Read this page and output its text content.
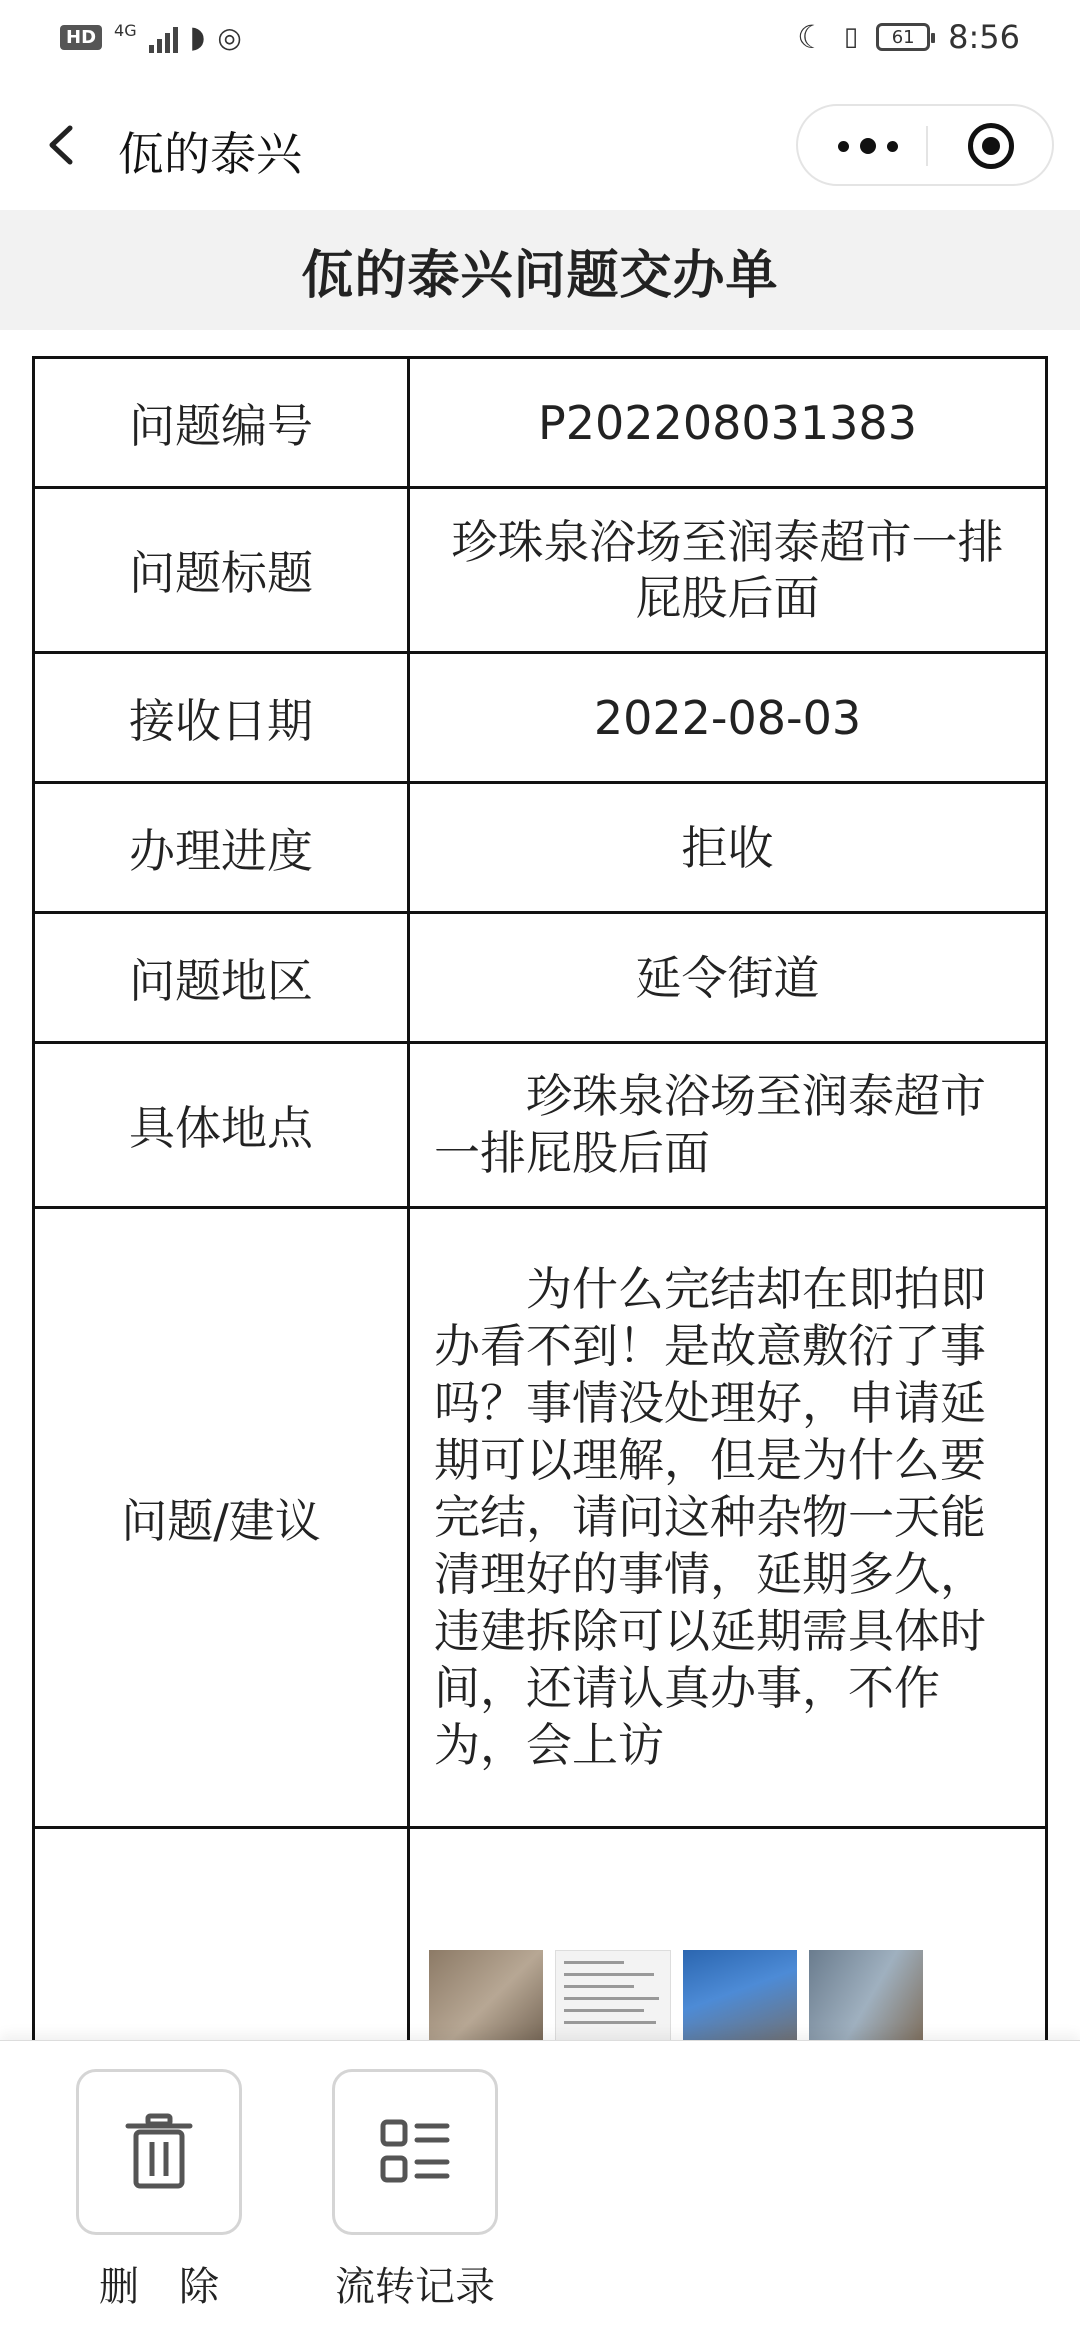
HD	4G ◗ ◎	☾ ▯ 61 8:56
佤的泰兴
佤的泰兴问题交办单
问题编号	P202208031383
问题标题	珍珠泉浴场至润泰超市一排屁股后面
接收日期	2022-08-03
办理进度	拒收
问题地区	延令街道
具体地点	珍珠泉浴场至润泰超市一排屁股后面
问题/建议	为什么完结却在即拍即办看不到！是故意敷衍了事吗？事情没处理好，申请延期可以理解，但是为什么要完结，请问这种杂物一天能清理好的事情，延期多久，违建拆除可以延期需具体时间，还请认真办事，不作为，会上访

删　除	流转记录
